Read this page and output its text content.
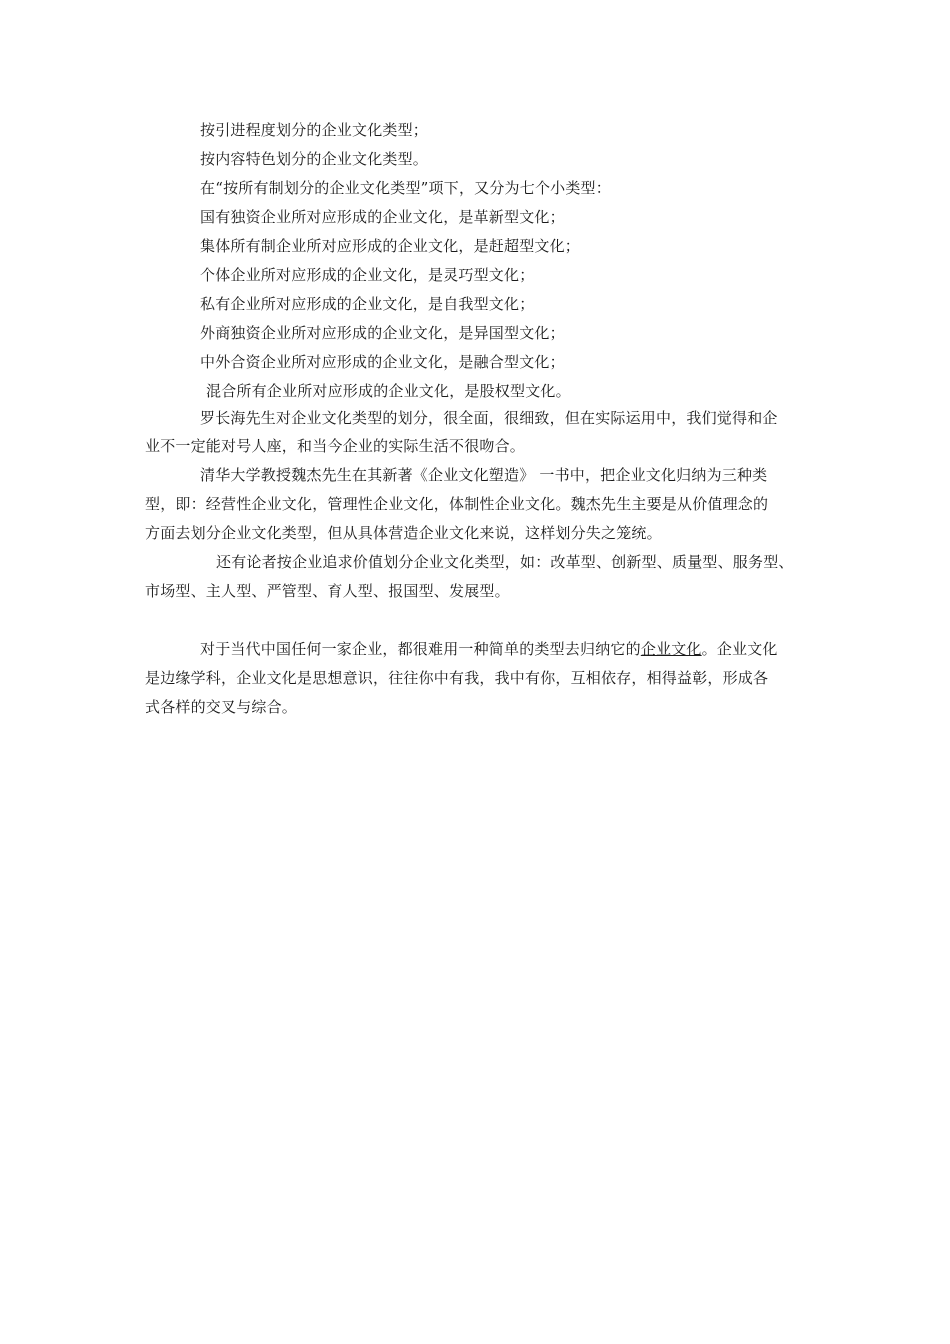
按引进程度划分的企业文化类型；
按内容特色划分的企业文化类型。
在“按所有制划分的企业文化类型”项下，又分为七个小类型：
国有独资企业所对应形成的企业文化，是革新型文化；
集体所有制企业所对应形成的企业文化，是赶超型文化；
个体企业所对应形成的企业文化，是灵巧型文化；
私有企业所对应形成的企业文化，是自我型文化；
外商独资企业所对应形成的企业文化，是异国型文化；
中外合资企业所对应形成的企业文化，是融合型文化；
混合所有企业所对应形成的企业文化，是股权型文化。
罗长海先生对企业文化类型的划分，很全面，很细致，但在实际运用中，我们觉得和企
业不一定能对号人座，和当今企业的实际生活不很吻合。
清华大学教授魏杰先生在其新著《企业文化塑造》 一书中，把企业文化归纳为三种类
型，即：经营性企业文化，管理性企业文化，体制性企业文化。魏杰先生主要是从价值理念的
方面去划分企业文化类型，但从具体营造企业文化来说，这样划分失之笼统。
还有论者按企业追求价值划分企业文化类型，如：改革型、创新型、质量型、服务型、
市场型、主人型、严管型、育人型、报国型、发展型。
对于当代中国任何一家企业，都很难用一种简单的类型去归纳它的企业文化。企业文化
是边缘学科，企业文化是思想意识，往往你中有我，我中有你，互相依存，相得益彰，形成各
式各样的交叉与综合。
